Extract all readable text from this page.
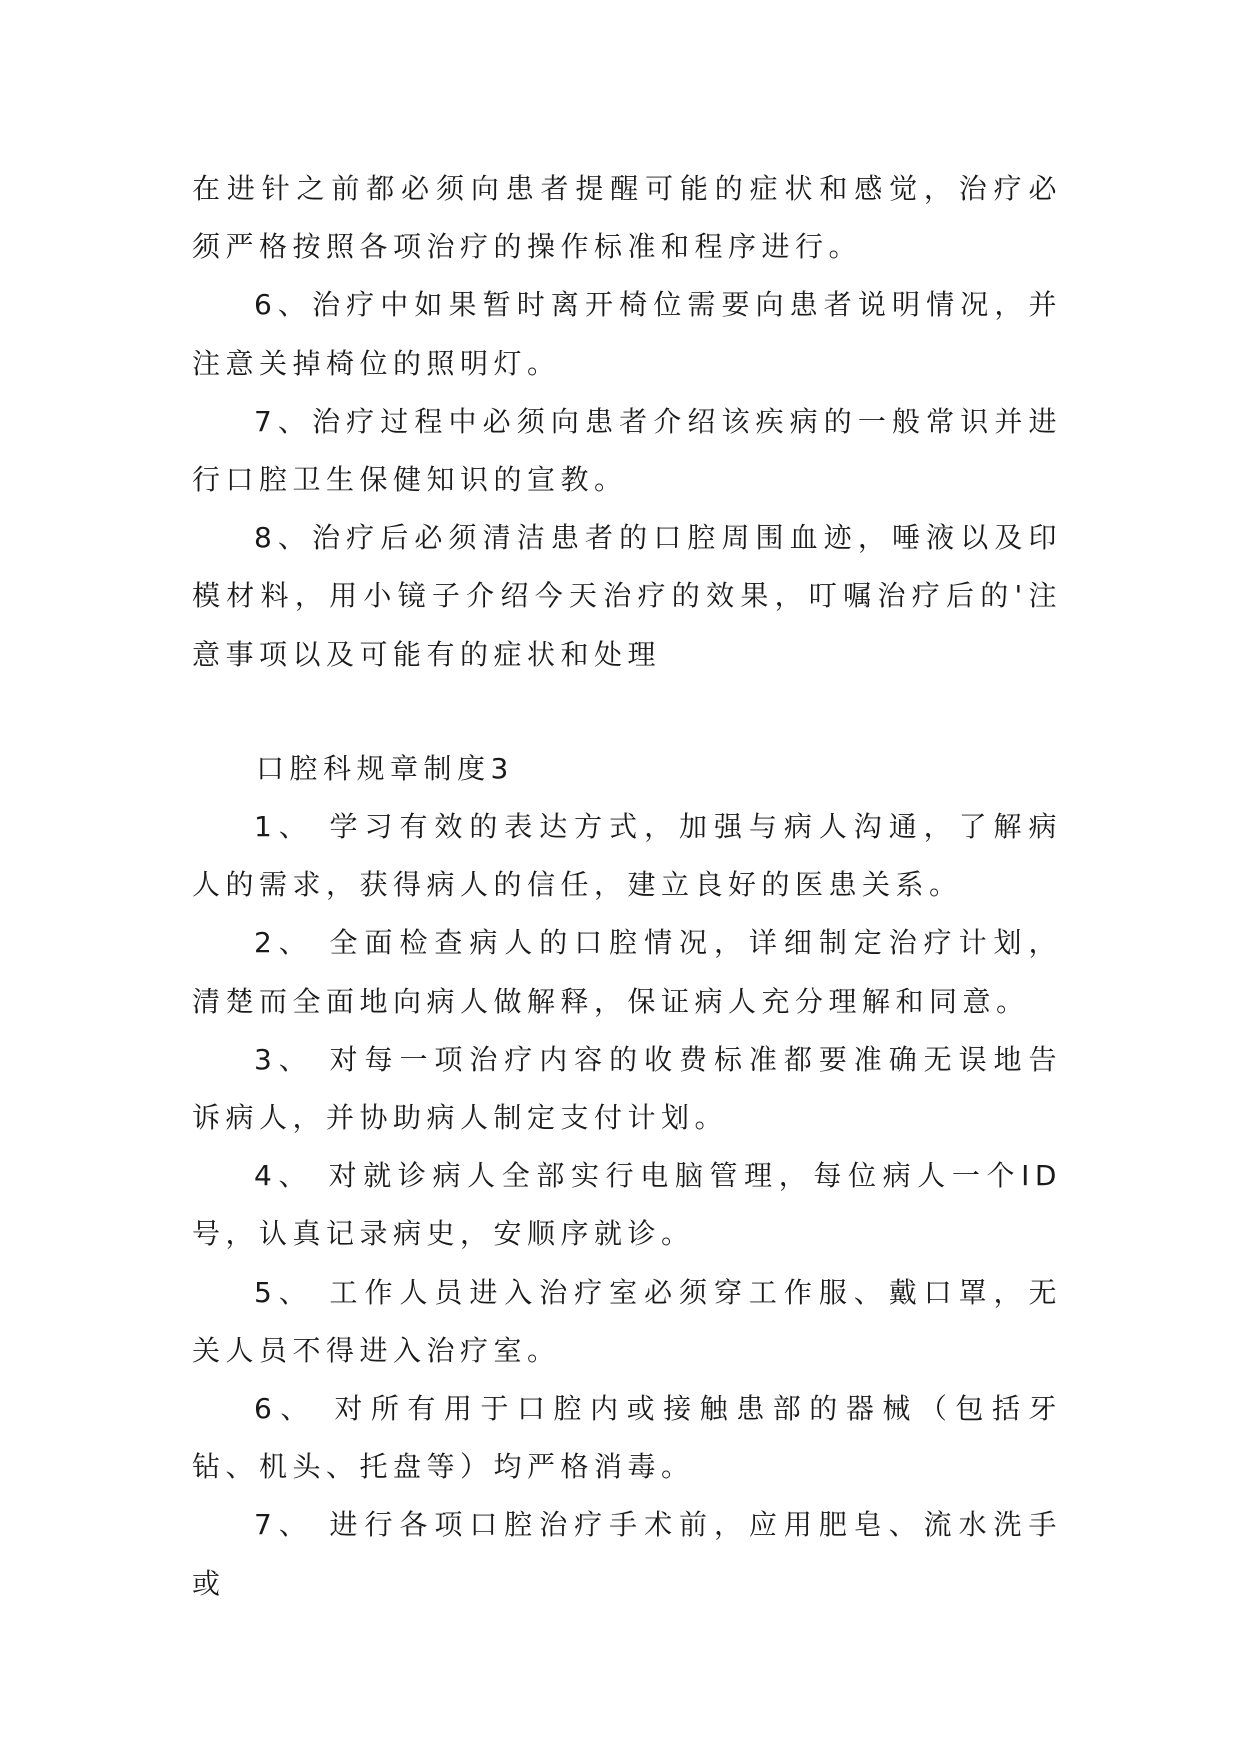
在进针之前都必须向患者提醒可能的症状和感觉，治疗必须严格按照各项治疗的操作标准和程序进行。

6、治疗中如果暂时离开椅位需要向患者说明情况，并注意关掉椅位的照明灯。

7、治疗过程中必须向患者介绍该疾病的一般常识并进行口腔卫生保健知识的宣教。

8、治疗后必须清洁患者的口腔周围血迹，唾液以及印模材料，用小镜子介绍今天治疗的效果，叮嘱治疗后的'注意事项以及可能有的症状和处理

口腔科规章制度3

1、 学习有效的表达方式，加强与病人沟通，了解病人的需求，获得病人的信任，建立良好的医患关系。

2、 全面检查病人的口腔情况，详细制定治疗计划，清楚而全面地向病人做解释，保证病人充分理解和同意。

3、 对每一项治疗内容的收费标准都要准确无误地告诉病人，并协助病人制定支付计划。

4、 对就诊病人全部实行电脑管理，每位病人一个ID号，认真记录病史，安顺序就诊。

5、 工作人员进入治疗室必须穿工作服、戴口罩，无关人员不得进入治疗室。

6、 对所有用于口腔内或接触患部的器械（包括牙钻、机头、托盘等）均严格消毒。

7、 进行各项口腔治疗手术前，应用肥皂、流水洗手或
